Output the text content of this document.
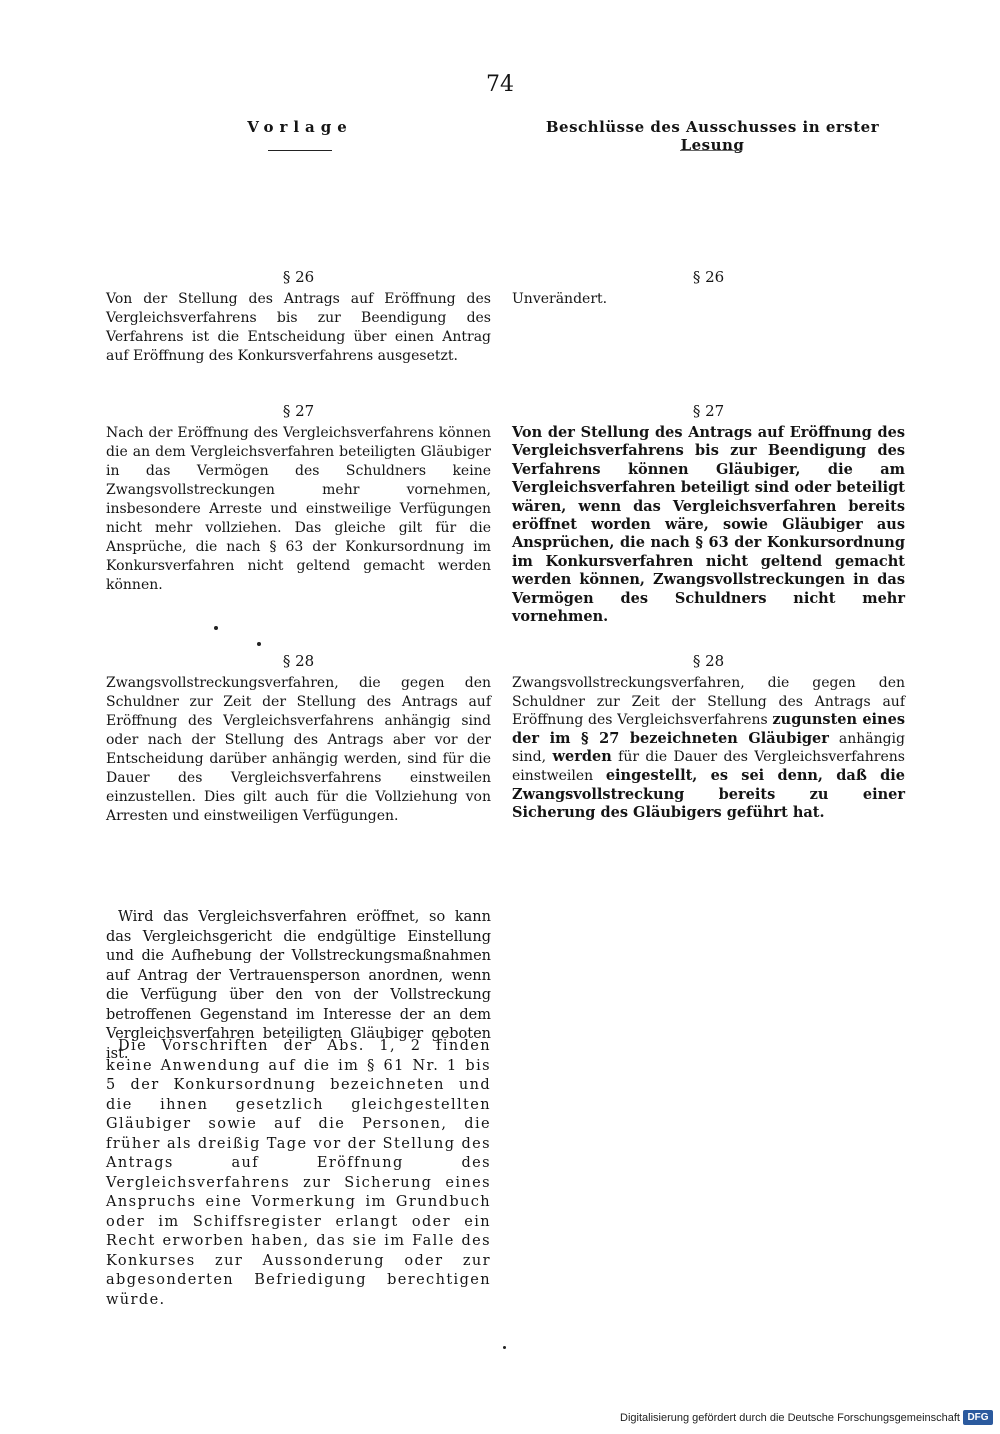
74
Vorlage	Beschlüsse des Ausschusses in erster Lesung
§ 26
Von der Stellung des Antrags auf Eröffnung des Vergleichsverfahrens bis zur Beendigung des Verfahrens ist die Entscheidung über einen Antrag auf Eröffnung des Konkursverfahrens ausgesetzt.
§ 26
Unverändert.
§ 27
Nach der Eröffnung des Vergleichsverfahrens können die an dem Vergleichsverfahren beteiligten Gläubiger in das Vermögen des Schuldners keine Zwangsvollstreckungen mehr vornehmen, insbesondere Arreste und einstweilige Verfügungen nicht mehr vollziehen. Das gleiche gilt für die Ansprüche, die nach § 63 der Konkursordnung im Konkursverfahren nicht geltend gemacht werden können.
§ 27
Von der Stellung des Antrags auf Eröffnung des Vergleichsverfahrens bis zur Beendigung des Verfahrens können Gläubiger, die am Vergleichsverfahren beteiligt sind oder beteiligt wären, wenn das Vergleichsverfahren bereits eröffnet worden wäre, sowie Gläubiger aus Ansprüchen, die nach § 63 der Konkursordnung im Konkursverfahren nicht geltend gemacht werden können, Zwangsvollstreckungen in das Vermögen des Schuldners nicht mehr vornehmen.
§ 28
Zwangsvollstreckungsverfahren, die gegen den Schuldner zur Zeit der Stellung des Antrags auf Eröffnung des Vergleichsverfahrens anhängig sind oder nach der Stellung des Antrags aber vor der Entscheidung darüber anhängig werden, sind für die Dauer des Vergleichsverfahrens einstweilen einzustellen. Dies gilt auch für die Vollziehung von Arresten und einstweiligen Verfügungen.
§ 28
Zwangsvollstreckungsverfahren, die gegen den Schuldner zur Zeit der Stellung des Antrags auf Eröffnung des Vergleichsverfahrens zugunsten eines der im § 27 bezeichneten Gläubiger anhängig sind, werden für die Dauer des Vergleichsverfahrens einstweilen eingestellt, es sei denn, daß die Zwangsvollstreckung bereits zu einer Sicherung des Gläubigers geführt hat.
Wird das Vergleichsverfahren eröffnet, so kann das Vergleichsgericht die endgültige Einstellung und die Aufhebung der Vollstreckungsmaßnahmen auf Antrag der Vertrauensperson anordnen, wenn die Verfügung über den von der Vollstreckung betroffenen Gegenstand im Interesse der an dem Vergleichsverfahren beteiligten Gläubiger geboten ist.
Die Vorschriften der Abs. 1, 2 finden keine Anwendung auf die im § 61 Nr. 1 bis 5 der Konkursordnung bezeichneten und die ihnen gesetzlich gleichgestellten Gläubiger sowie auf die Personen, die früher als dreißig Tage vor der Stellung des Antrags auf Eröffnung des Vergleichsverfahrens zur Sicherung eines Anspruchs eine Vormerkung im Grundbuch oder im Schiffsregister erlangt oder ein Recht erworben haben, das sie im Falle des Konkurses zur Aussonderung oder zur abgesonderten Befriedigung berechtigen würde.
Digitalisierung gefördert durch die Deutsche Forschungsgemeinschaft DFG
